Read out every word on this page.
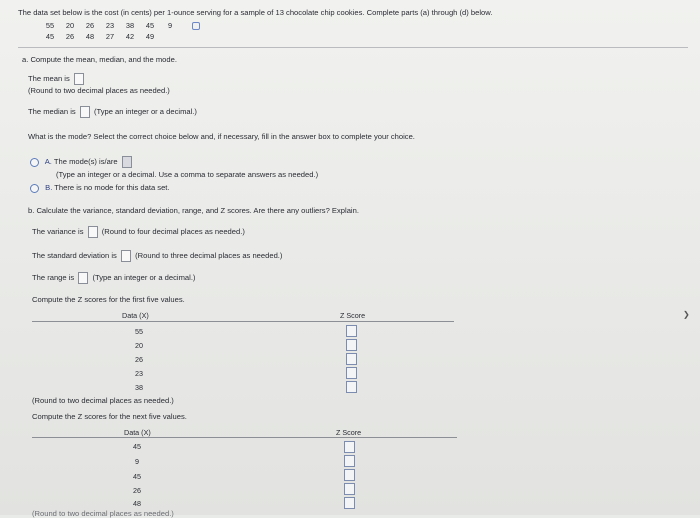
The data set below is the cost (in cents) per 1-ounce serving for a sample of 13 chocolate chip cookies. Complete parts (a) through (d) below.
55	20	26	23	38	45	9	
45	26	48	27	42	49		
a. Compute the mean, median, and the mode.
The mean is
(Round to two decimal places as needed.)
The median is (Type an integer or a decimal.)
What is the mode? Select the correct choice below and, if necessary, fill in the answer box to complete your choice.
A. The mode(s) is/are
(Type an integer or a decimal. Use a comma to separate answers as needed.)
B. There is no mode for this data set.
b. Calculate the variance, standard deviation, range, and Z scores. Are there any outliers? Explain.
The variance is (Round to four decimal places as needed.)
The standard deviation is (Round to three decimal places as needed.)
The range is (Type an integer or a decimal.)
Compute the Z scores for the first five values.
Data (X)	Z Score
55
20
26
23
38
(Round to two decimal places as needed.)
Compute the Z scores for the next five values.
Data (X)	Z Score
45
9
45
26
48
(Round to two decimal places as needed.)
❯
